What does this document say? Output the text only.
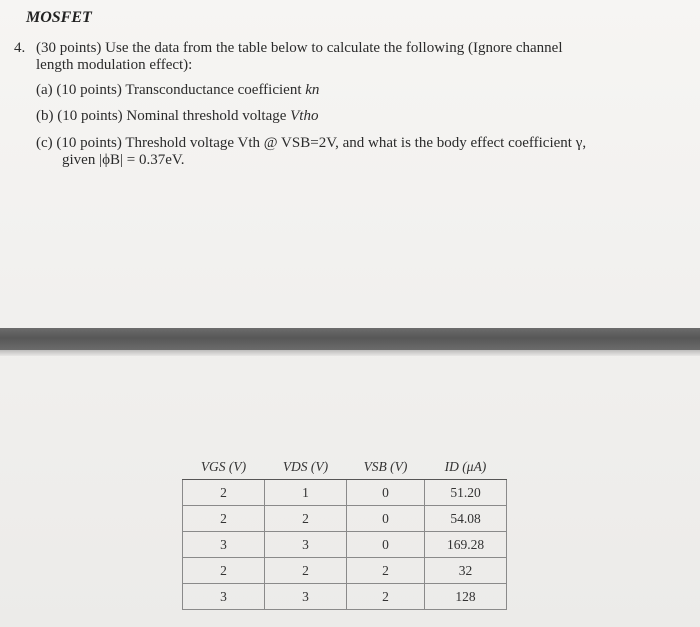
MOSFET
4. (30 points) Use the data from the table below to calculate the following (Ignore channel
length modulation effect):
(a) (10 points) Transconductance coefficient kn
(b) (10 points) Nominal threshold voltage Vtho
(c) (10 points) Threshold voltage Vth @ VSB=2V, and what is the body effect coefficient γ,
given |ϕB| = 0.37eV.
VGS (V)	VDS (V)	VSB (V)	ID (μA)
2	1	0	51.20
2	2	0	54.08
3	3	0	169.28
2	2	2	32
3	3	2	128
